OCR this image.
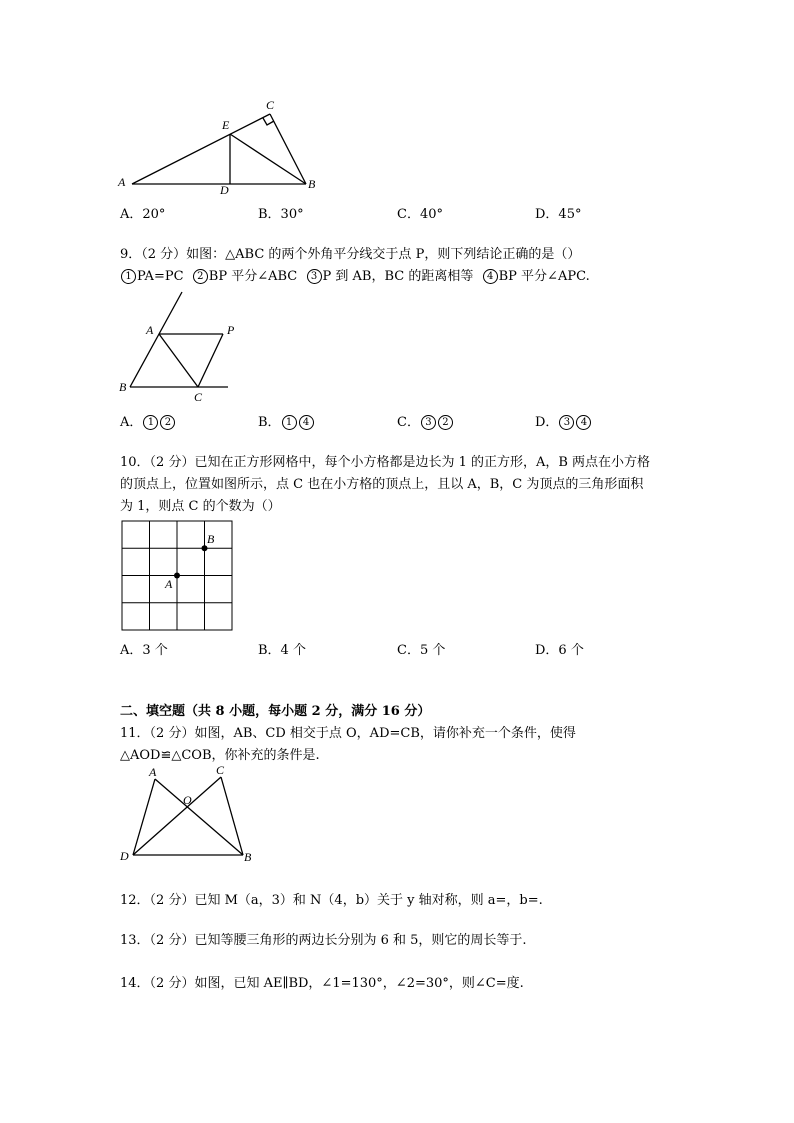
A	B
C
D
E
A．20°	B．30°	C．40°	D．45°
9．（2 分）如图：△ABC 的两个外角平分线交于点 P，则下列结论正确的是（）
1 PA=PC 2 BP 平分∠ABC 3 P 到 AB，BC 的距离相等 4 BP 平分∠APC.
A
B
C
P
A． 1 2	B． 1 4	C． 3 2	D． 3 4
10．（2 分）已知在正方形网格中，每个小方格都是边长为 1 的正方形，A，B 两点在小方格
的顶点上，位置如图所示，点 C 也在小方格的顶点上，且以 A，B，C 为顶点的三角形面积
为 1，则点 C 的个数为（）
A
B
A．3 个	B．4 个	C．5 个	D．6 个
二、填空题（共 8 小题，每小题 2 分，满分 16 分）
11．（2 分）如图，AB、CD 相交于点 O，AD=CB，请你补充一个条件，使得
△AOD≌△COB，你补充的条件是.
A	C
O
D	B
12．（2 分）已知 M（a，3）和 N（4，b）关于 y 轴对称，则 a=，b=.
13．（2 分）已知等腰三角形的两边长分别为 6 和 5，则它的周长等于.
14．（2 分）如图，已知 AE∥BD，∠1=130°，∠2=30°，则∠C=度.
